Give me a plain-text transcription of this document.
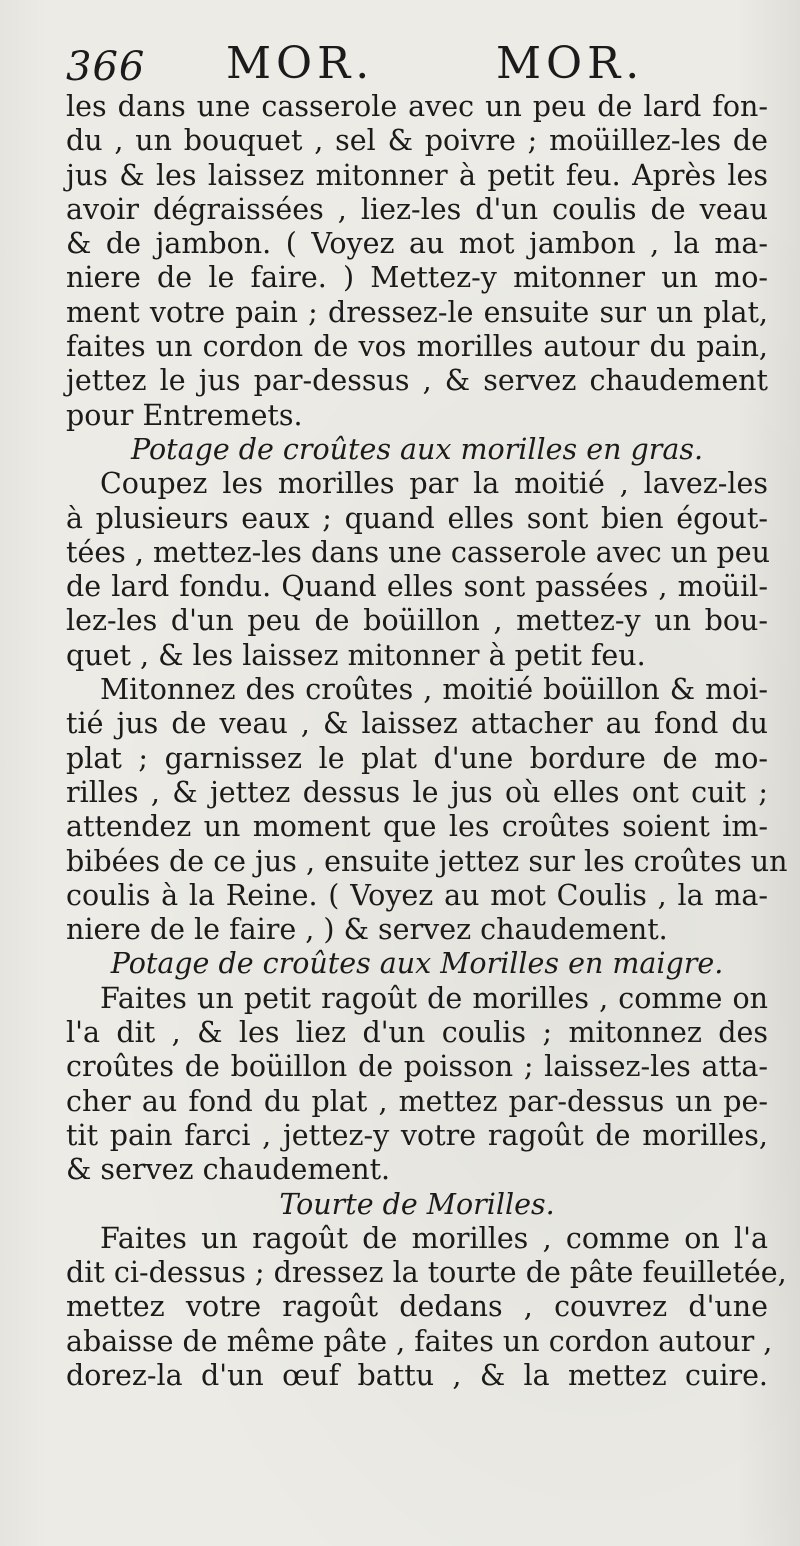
366 MOR.	MOR.
les dans une casserole avec un peu de lard fon-
du , un bouquet , sel & poivre ; moüillez-les de
jus & les laissez mitonner à petit feu. Après les
avoir dégraissées , liez-les d'un coulis de veau
& de jambon. ( Voyez au mot jambon , la ma-
niere de le faire. ) Mettez-y mitonner un mo-
ment votre pain ; dressez-le ensuite sur un plat,
faites un cordon de vos morilles autour du pain,
jettez le jus par-dessus , & servez chaudement
pour Entremets.
Potage de croûtes aux morilles en gras.
Coupez les morilles par la moitié , lavez-les
à plusieurs eaux ; quand elles sont bien égout-
tées , mettez-les dans une casserole avec un peu
de lard fondu. Quand elles sont passées , moüil-
lez-les d'un peu de boüillon , mettez-y un bou-
quet , & les laissez mitonner à petit feu.
Mitonnez des croûtes , moitié boüillon & moi-
tié jus de veau , & laissez attacher au fond du
plat ; garnissez le plat d'une bordure de mo-
rilles , & jettez dessus le jus où elles ont cuit ;
attendez un moment que les croûtes soient im-
bibées de ce jus , ensuite jettez sur les croûtes un
coulis à la Reine. ( Voyez au mot Coulis , la ma-
niere de le faire , ) & servez chaudement.
Potage de croûtes aux Morilles en maigre.
Faites un petit ragoût de morilles , comme on
l'a dit , & les liez d'un coulis ; mitonnez des
croûtes de boüillon de poisson ; laissez-les atta-
cher au fond du plat , mettez par-dessus un pe-
tit pain farci , jettez-y votre ragoût de morilles,
& servez chaudement.
Tourte de Morilles.
Faites un ragoût de morilles , comme on l'a
dit ci-dessus ; dressez la tourte de pâte feuilletée,
mettez votre ragoût dedans , couvrez d'une
abaisse de même pâte , faites un cordon autour ,
dorez-la d'un œuf battu , & la mettez cuire.
